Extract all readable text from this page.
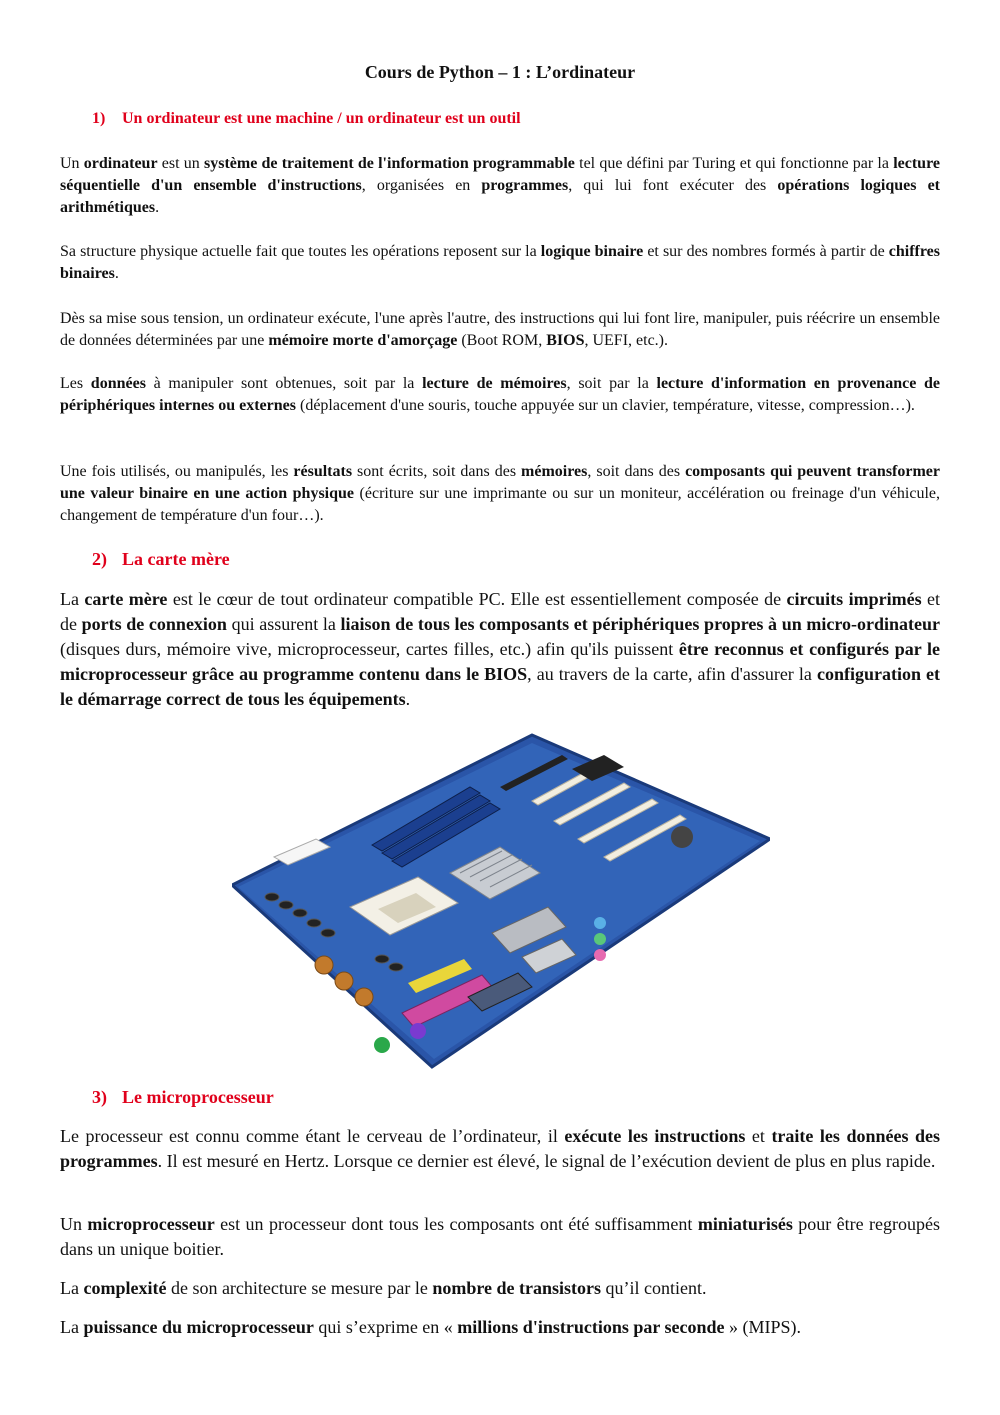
Cours de Python – 1 : L’ordinateur
1) Un ordinateur est une machine / un ordinateur est un outil

Un ordinateur est un système de traitement de l'information programmable tel que défini par Turing et qui fonctionne par la lecture séquentielle d'un ensemble d'instructions, organisées en programmes, qui lui font exécuter des opérations logiques et arithmétiques.

Sa structure physique actuelle fait que toutes les opérations reposent sur la logique binaire et sur des nombres formés à partir de chiffres binaires.

Dès sa mise sous tension, un ordinateur exécute, l'une après l'autre, des instructions qui lui font lire, manipuler, puis réécrire un ensemble de données déterminées par une mémoire morte d'amorçage (Boot ROM, BIOS, UEFI, etc.).

Les données à manipuler sont obtenues, soit par la lecture de mémoires, soit par la lecture d'information en provenance de périphériques internes ou externes (déplacement d'une souris, touche appuyée sur un clavier, température, vitesse, compression…).

Une fois utilisés, ou manipulés, les résultats sont écrits, soit dans des mémoires, soit dans des composants qui peuvent transformer une valeur binaire en une action physique (écriture sur une imprimante ou sur un moniteur, accélération ou freinage d'un véhicule, changement de température d'un four…).

2) La carte mère

La carte mère est le cœur de tout ordinateur compatible PC. Elle est essentiellement composée de circuits imprimés et de ports de connexion qui assurent la liaison de tous les composants et périphériques propres à un micro-ordinateur (disques durs, mémoire vive, microprocesseur, cartes filles, etc.) afin qu'ils puissent être reconnus et configurés par le microprocesseur grâce au programme contenu dans le BIOS, au travers de la carte, afin d'assurer la configuration et le démarrage correct de tous les équipements.

3) Le microprocesseur

Le processeur est connu comme étant le cerveau de l’ordinateur, il exécute les instructions et traite les données des programmes. Il est mesuré en Hertz. Lorsque ce dernier est élevé, le signal de l’exécution devient de plus en plus rapide.

Un microprocesseur est un processeur dont tous les composants ont été suffisamment miniaturisés pour être regroupés dans un unique boitier.

La complexité de son architecture se mesure par le nombre de transistors qu’il contient.

La puissance du microprocesseur qui s’exprime en « millions d'instructions par seconde » (MIPS).
